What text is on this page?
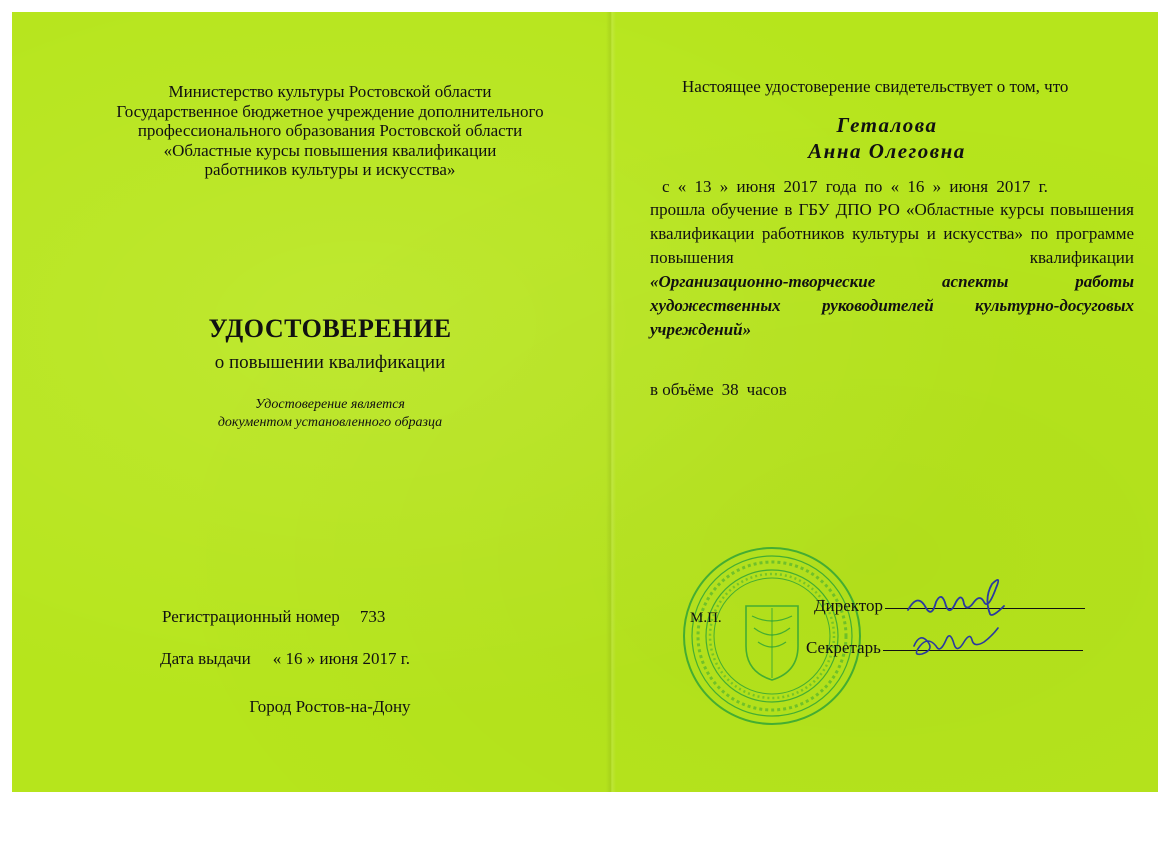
Министерство культуры Ростовской области
Государственное бюджетное учреждение дополнительного
профессионального образования Ростовской области
«Областные курсы повышения квалификации
работников культуры и искусства»
УДОСТОВЕРЕНИЕ
о повышении квалификации
Удостоверение является
документом установленного образца
Регистрационный номер 733
Дата выдачи « 16 » июня 2017 г.
Город Ростов-на-Дону
Настоящее удостоверение свидетельствует о том, что
Геталова
Анна Олеговна
с « 13 » июня 2017 года по « 16 » июня 2017 г.
прошла обучение в ГБУ ДПО РО «Областные курсы повышения квалификации работников культуры и искусства» по программе повышения квалификации
«Организационно-творческие аспекты работы художественных руководителей культурно-досуговых учреждений»
в объёме 38 часов
М.П.
Директор
Секретарь
